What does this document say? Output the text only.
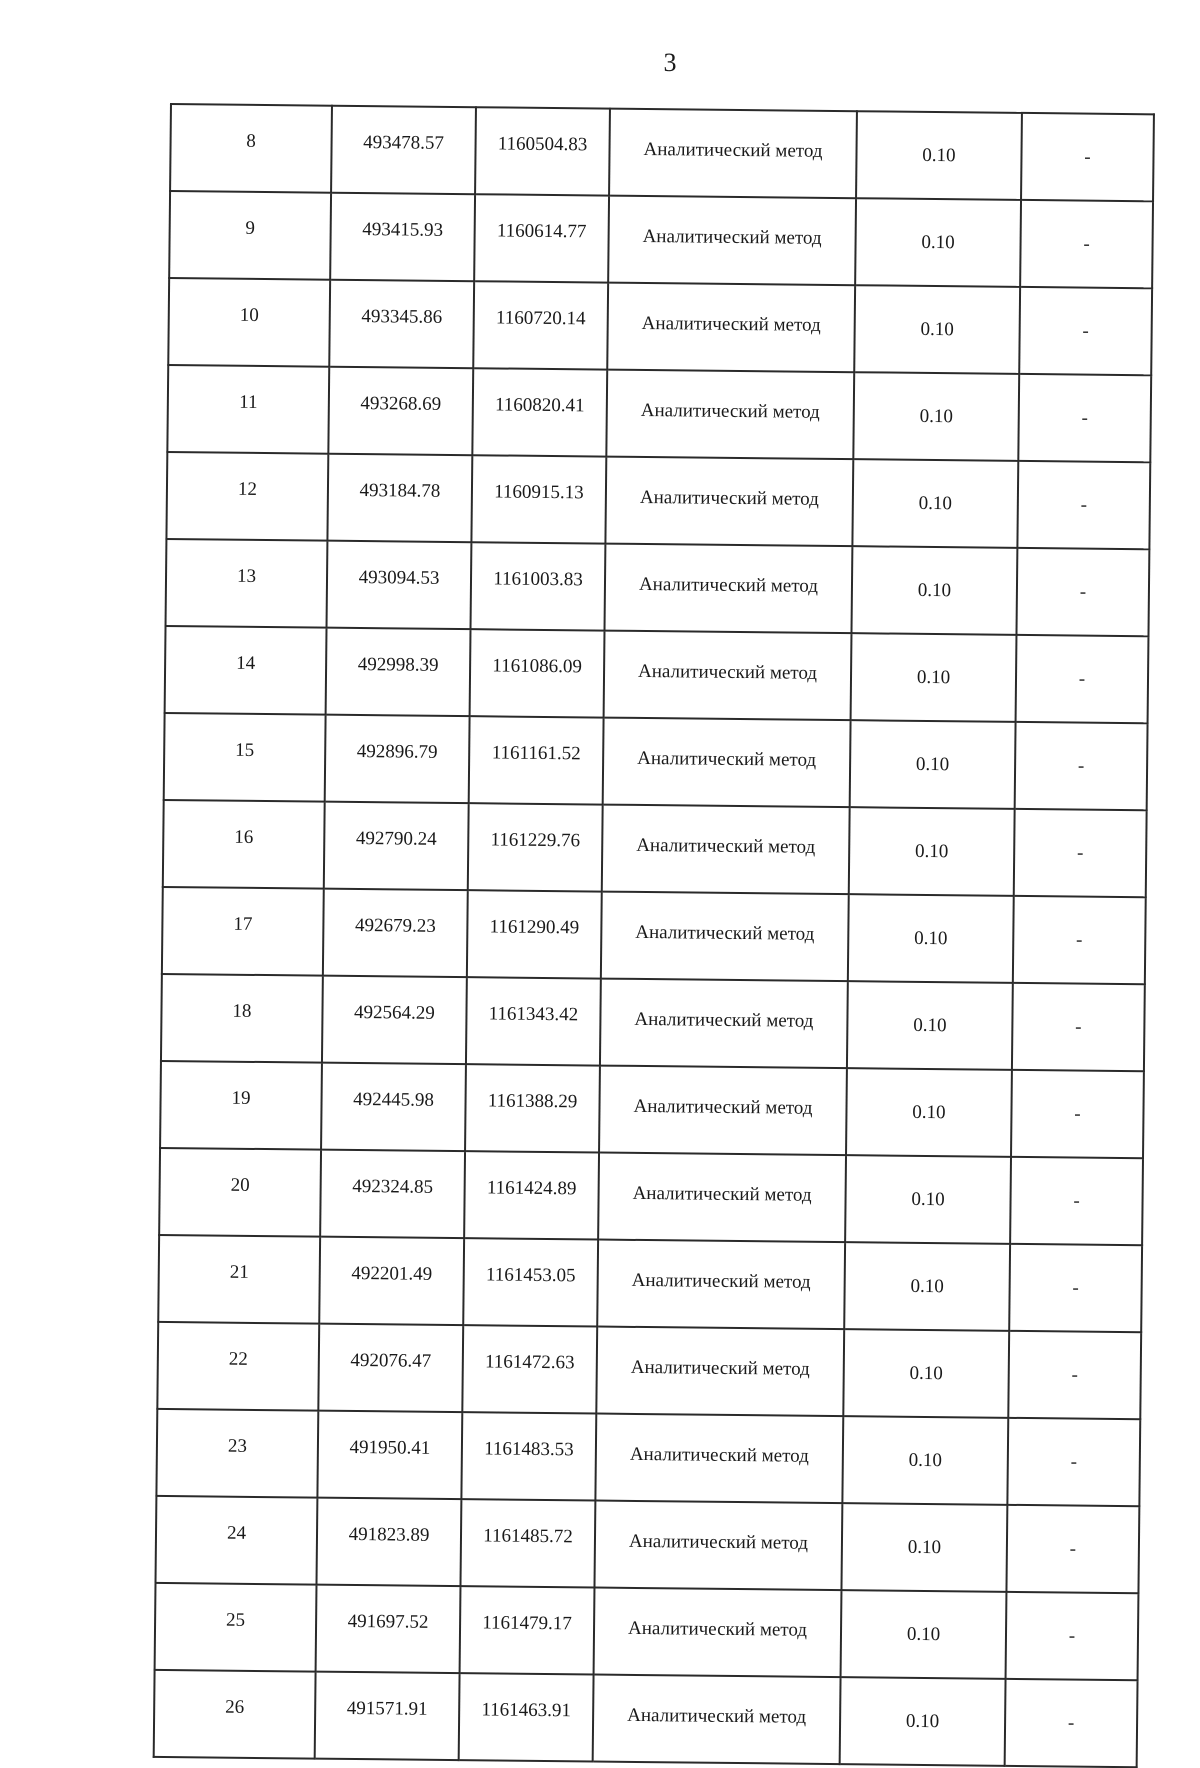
3
8	493478.57	1160504.83	Аналитический метод	0.10	-
9	493415.93	1160614.77	Аналитический метод	0.10	-
10	493345.86	1160720.14	Аналитический метод	0.10	-
11	493268.69	1160820.41	Аналитический метод	0.10	-
12	493184.78	1160915.13	Аналитический метод	0.10	-
13	493094.53	1161003.83	Аналитический метод	0.10	-
14	492998.39	1161086.09	Аналитический метод	0.10	-
15	492896.79	1161161.52	Аналитический метод	0.10	-
16	492790.24	1161229.76	Аналитический метод	0.10	-
17	492679.23	1161290.49	Аналитический метод	0.10	-
18	492564.29	1161343.42	Аналитический метод	0.10	-
19	492445.98	1161388.29	Аналитический метод	0.10	-
20	492324.85	1161424.89	Аналитический метод	0.10	-
21	492201.49	1161453.05	Аналитический метод	0.10	-
22	492076.47	1161472.63	Аналитический метод	0.10	-
23	491950.41	1161483.53	Аналитический метод	0.10	-
24	491823.89	1161485.72	Аналитический метод	0.10	-
25	491697.52	1161479.17	Аналитический метод	0.10	-
26	491571.91	1161463.91	Аналитический метод	0.10	-
